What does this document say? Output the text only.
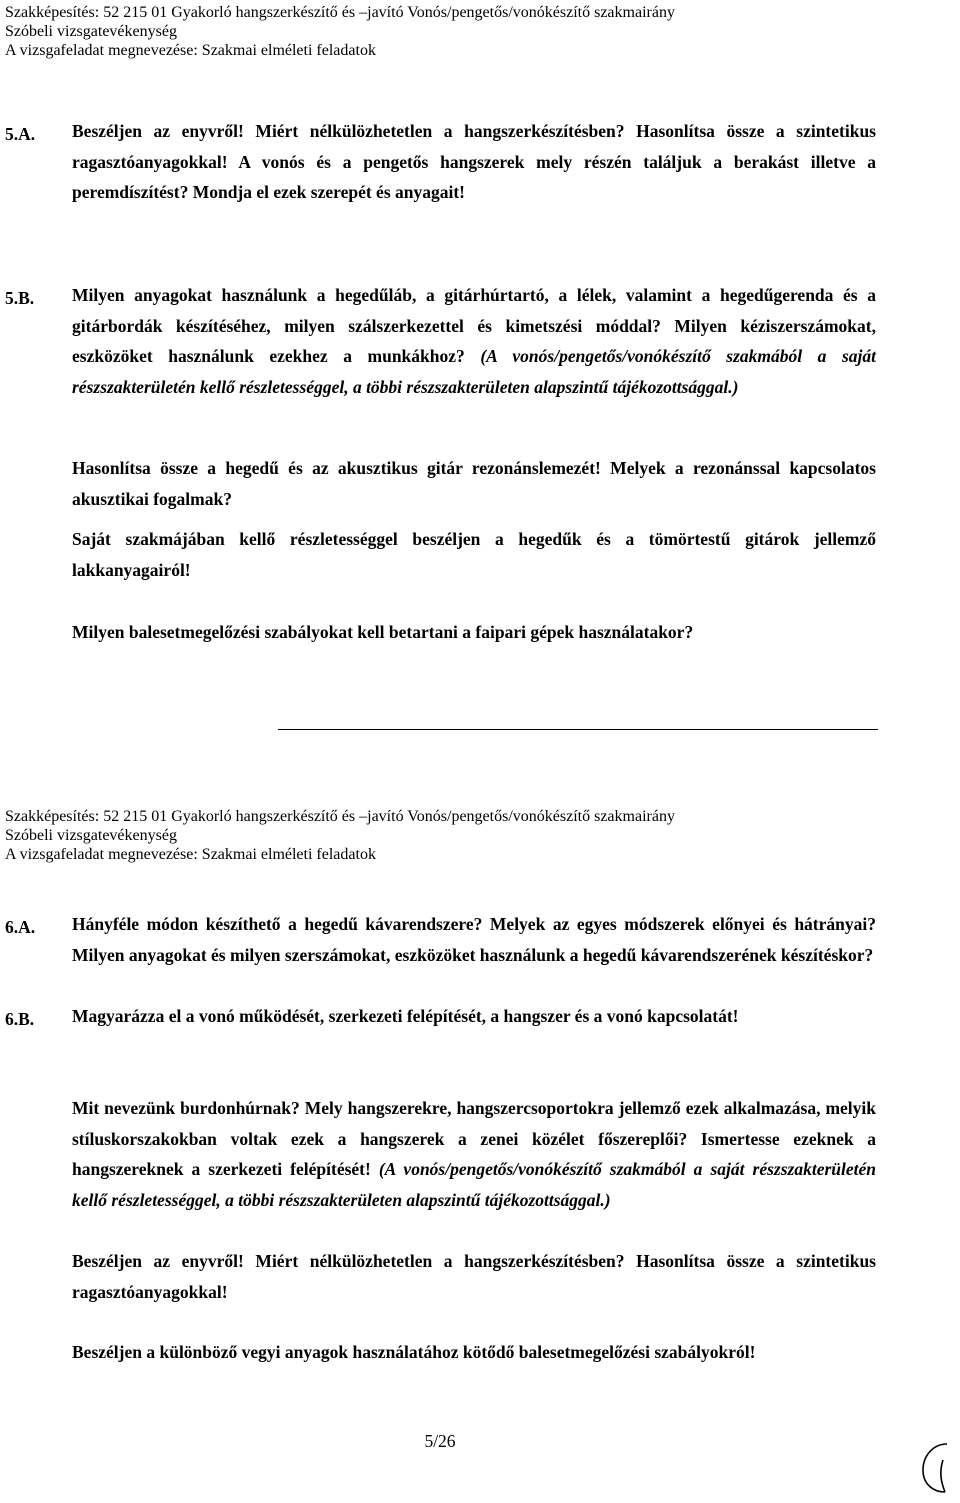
Szakképesítés: 52 215 01 Gyakorló hangszerkészítő és –javító Vonós/pengetős/vonókészítő szakmairány
Szóbeli vizsgatevékenység
A vizsgafeladat megnevezése: Szakmai elméleti feladatok
5.A. Beszéljen az enyvről! Miért nélkülözhetetlen a hangszerkészítésben? Hasonlítsa össze a szintetikus ragasztóanyagokkal! A vonós és a pengetős hangszerek mely részén találjuk a berakást illetve a peremdíszítést? Mondja el ezek szerepét és anyagait!

5.B. Milyen anyagokat használunk a hegedűláb, a gitárhúrtartó, a lélek, valamint a hegedűgerenda és a gitárbordák készítéséhez, milyen szálszerkezettel és kimetszési móddal? Milyen kéziszerszámokat, eszközöket használunk ezekhez a munkákhoz? (A vonós/pengetős/vonókészítő szakmából a saját részszakterületén kellő részletességgel, a többi részszakterületen alapszintű tájékozottsággal.)

Hasonlítsa össze a hegedű és az akusztikus gitár rezonánslemezét! Melyek a rezonánssal kapcsolatos akusztikai fogalmak?

Saját szakmájában kellő részletességgel beszéljen a hegedűk és a tömörtestű gitárok jellemző lakkanyagairól!

Milyen balesetmegelőzési szabályokat kell betartani a faipari gépek használatakor?

Szakképesítés: 52 215 01 Gyakorló hangszerkészítő és –javító Vonós/pengetős/vonókészítő szakmairány
Szóbeli vizsgatevékenység
A vizsgafeladat megnevezése: Szakmai elméleti feladatok
6.A. Hányféle módon készíthető a hegedű kávarendszere? Melyek az egyes módszerek előnyei és hátrányai? Milyen anyagokat és milyen szerszámokat, eszközöket használunk a hegedű kávarendszerének készítéskor?

6.B. Magyarázza el a vonó működését, szerkezeti felépítését, a hangszer és a vonó kapcsolatát!

Mit nevezünk burdonhúrnak? Mely hangszerekre, hangszercsoportokra jellemző ezek alkalmazása, melyik stíluskorszakokban voltak ezek a hangszerek a zenei közélet főszereplői? Ismertesse ezeknek a hangszereknek a szerkezeti felépítését! (A vonós/pengetős/vonókészítő szakmából a saját részszakterületén kellő részletességgel, a többi részszakterületen alapszintű tájékozottsággal.)

Beszéljen az enyvről! Miért nélkülözhetetlen a hangszerkészítésben? Hasonlítsa össze a szintetikus ragasztóanyagokkal!

Beszéljen a különböző vegyi anyagok használatához kötődő balesetmegelőzési szabályokról!

5/26
